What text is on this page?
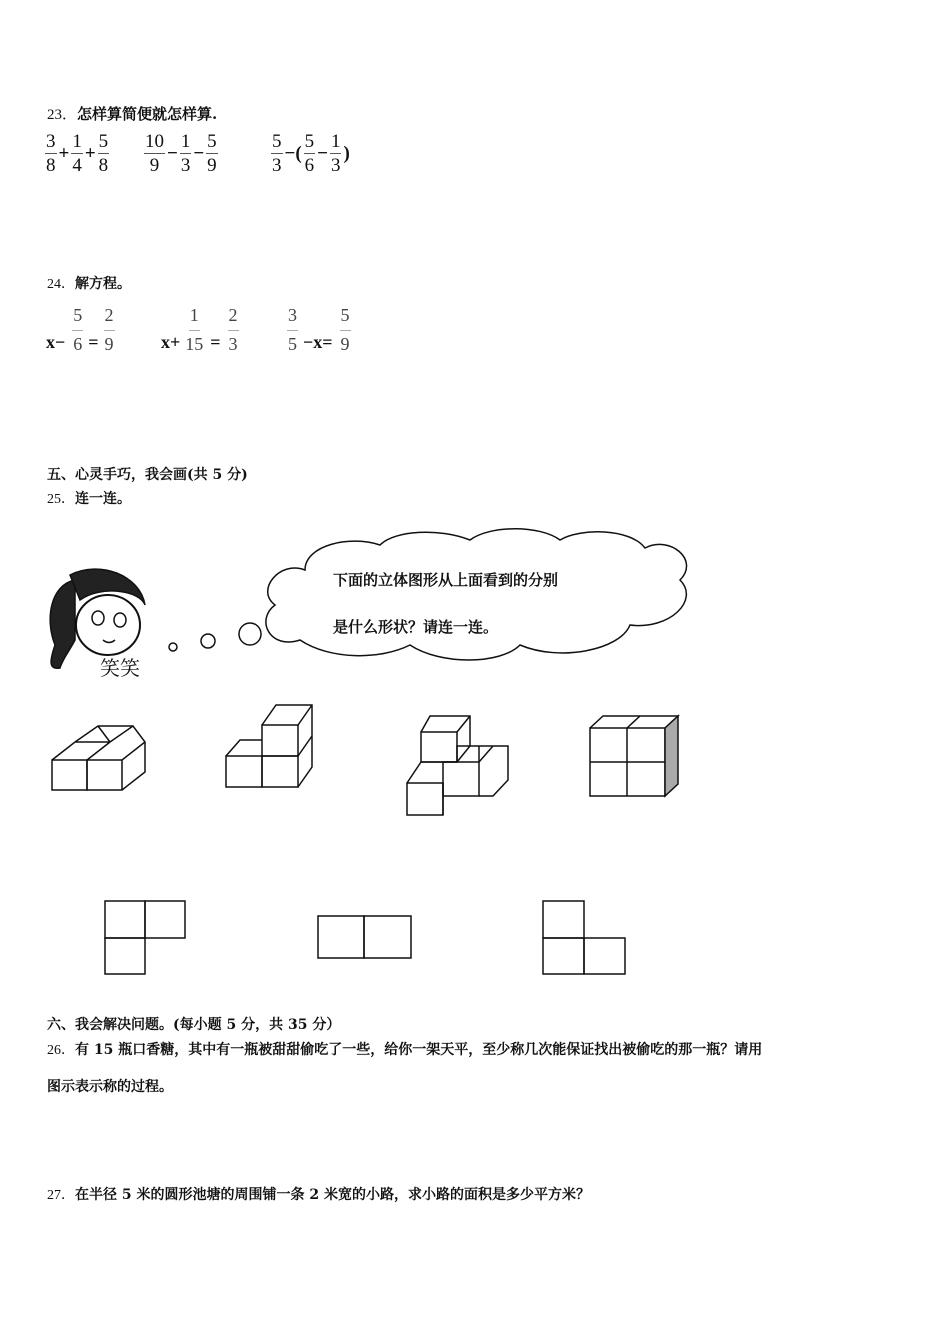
23．怎样算简便就怎样算.
$\frac{3}{8} + \frac{1}{4} + \frac{5}{8} \frac{10}{9} - \frac{1}{3} - \frac{5}{9}$	$\frac{5}{3}$ −( $\frac{5}{6} - \frac{1}{3}$ )
24．解方程。
$x- \frac{5}{6} = \frac{2}{9}$	$x+ \frac{1}{15} = \frac{2}{3}$	$\frac{3}{5} -x= \frac{5}{9}$
五、心灵手巧，我会画(共 5 分)
25．连一连。
笑笑
下面的立体图形从上面看到的分别
是什么形状？请连一连。
六、我会解决问题。(每小题 5 分，共 35 分）
26．有 15 瓶口香糖，其中有一瓶被甜甜偷吃了一些，给你一架天平，至少称几次能保证找出被偷吃的那一瓶？请用
图示表示称的过程。
27．在半径 5 米的圆形池塘的周围铺一条 2 米宽的小路，求小路的面积是多少平方米？
